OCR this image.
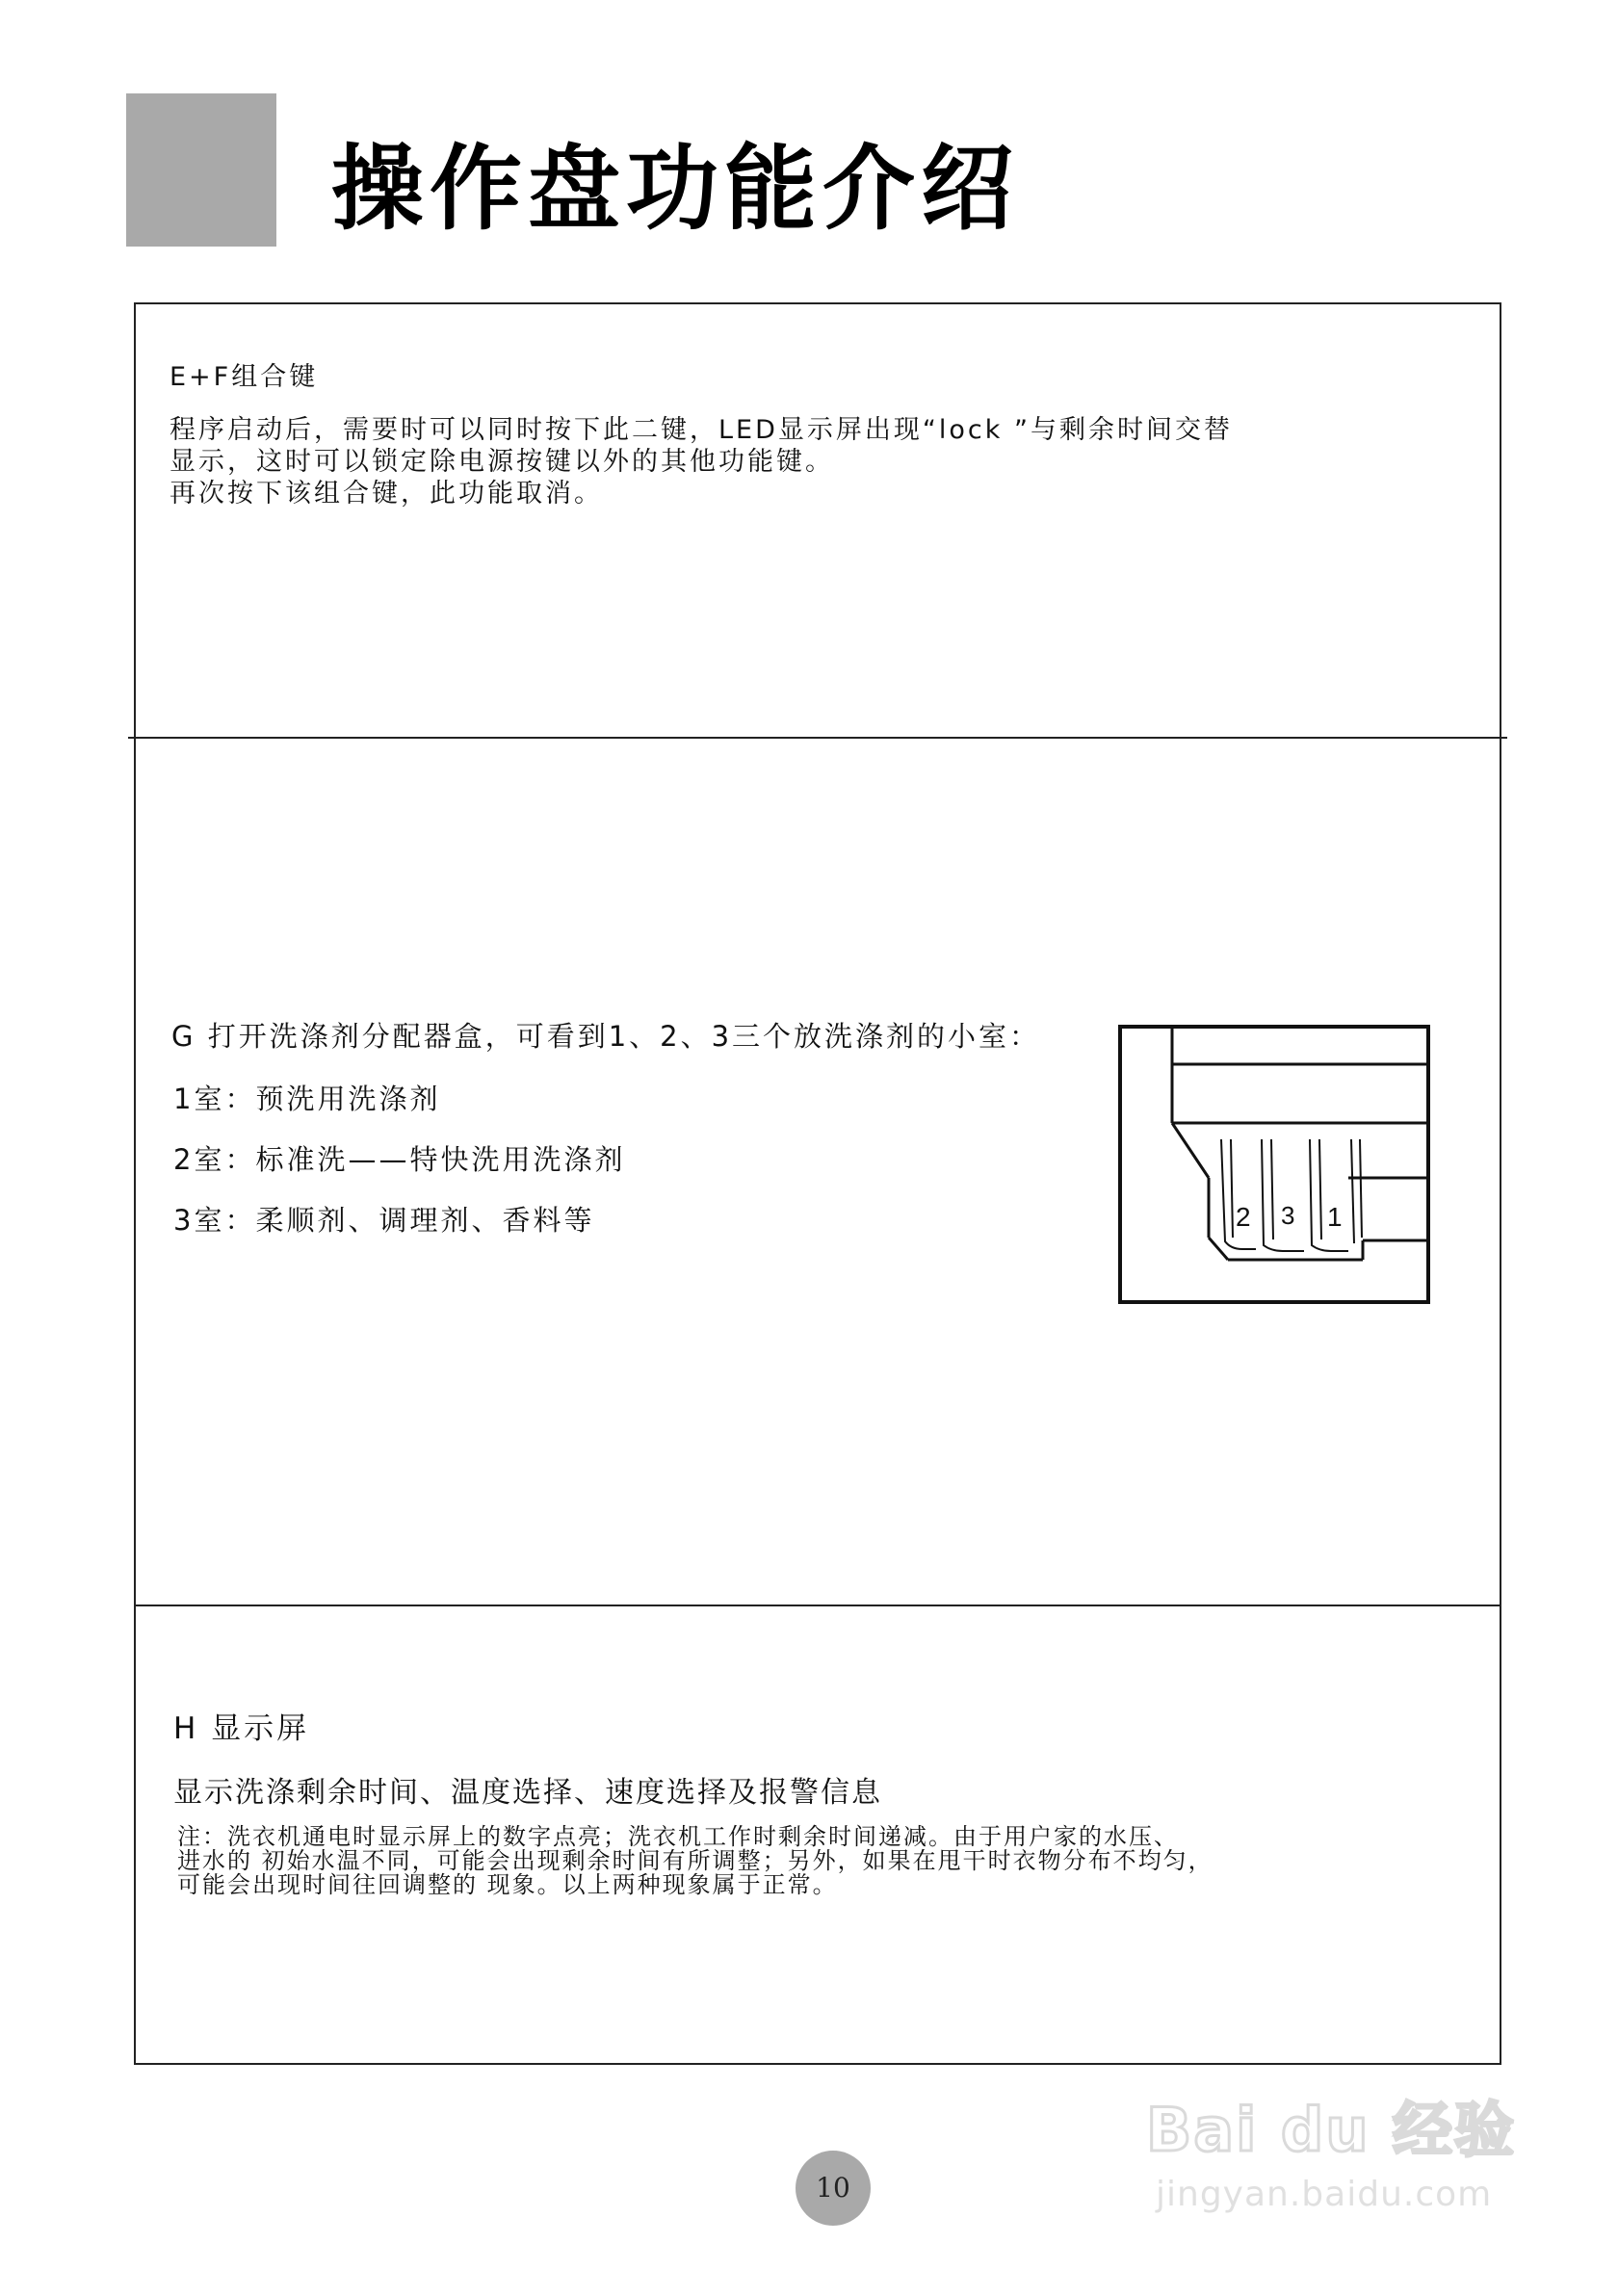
操作盘功能介绍
E+F组合键
程序启动后，需要时可以同时按下此二键，LED显示屏出现“lock ”与剩余时间交替
显示，这时可以锁定除电源按键以外的其他功能键。
再次按下该组合键，此功能取消。
G 打开洗涤剂分配器盒，可看到1、2、3三个放洗涤剂的小室：
1室：预洗用洗涤剂
2室：标准洗——特快洗用洗涤剂
3室：柔顺剂、调理剂、香料等	2 3 1
H 显示屏
显示洗涤剩余时间、温度选择、速度选择及报警信息
注：洗衣机通电时显示屏上的数字点亮；洗衣机工作时剩余时间递减。由于用户家的水压、
进水的 初始水温不同，可能会出现剩余时间有所调整；另外，如果在甩干时衣物分布不均匀，
可能会出现时间往回调整的 现象。以上两种现象属于正常。
10
Bai du 经验
jingyan.baidu.com
